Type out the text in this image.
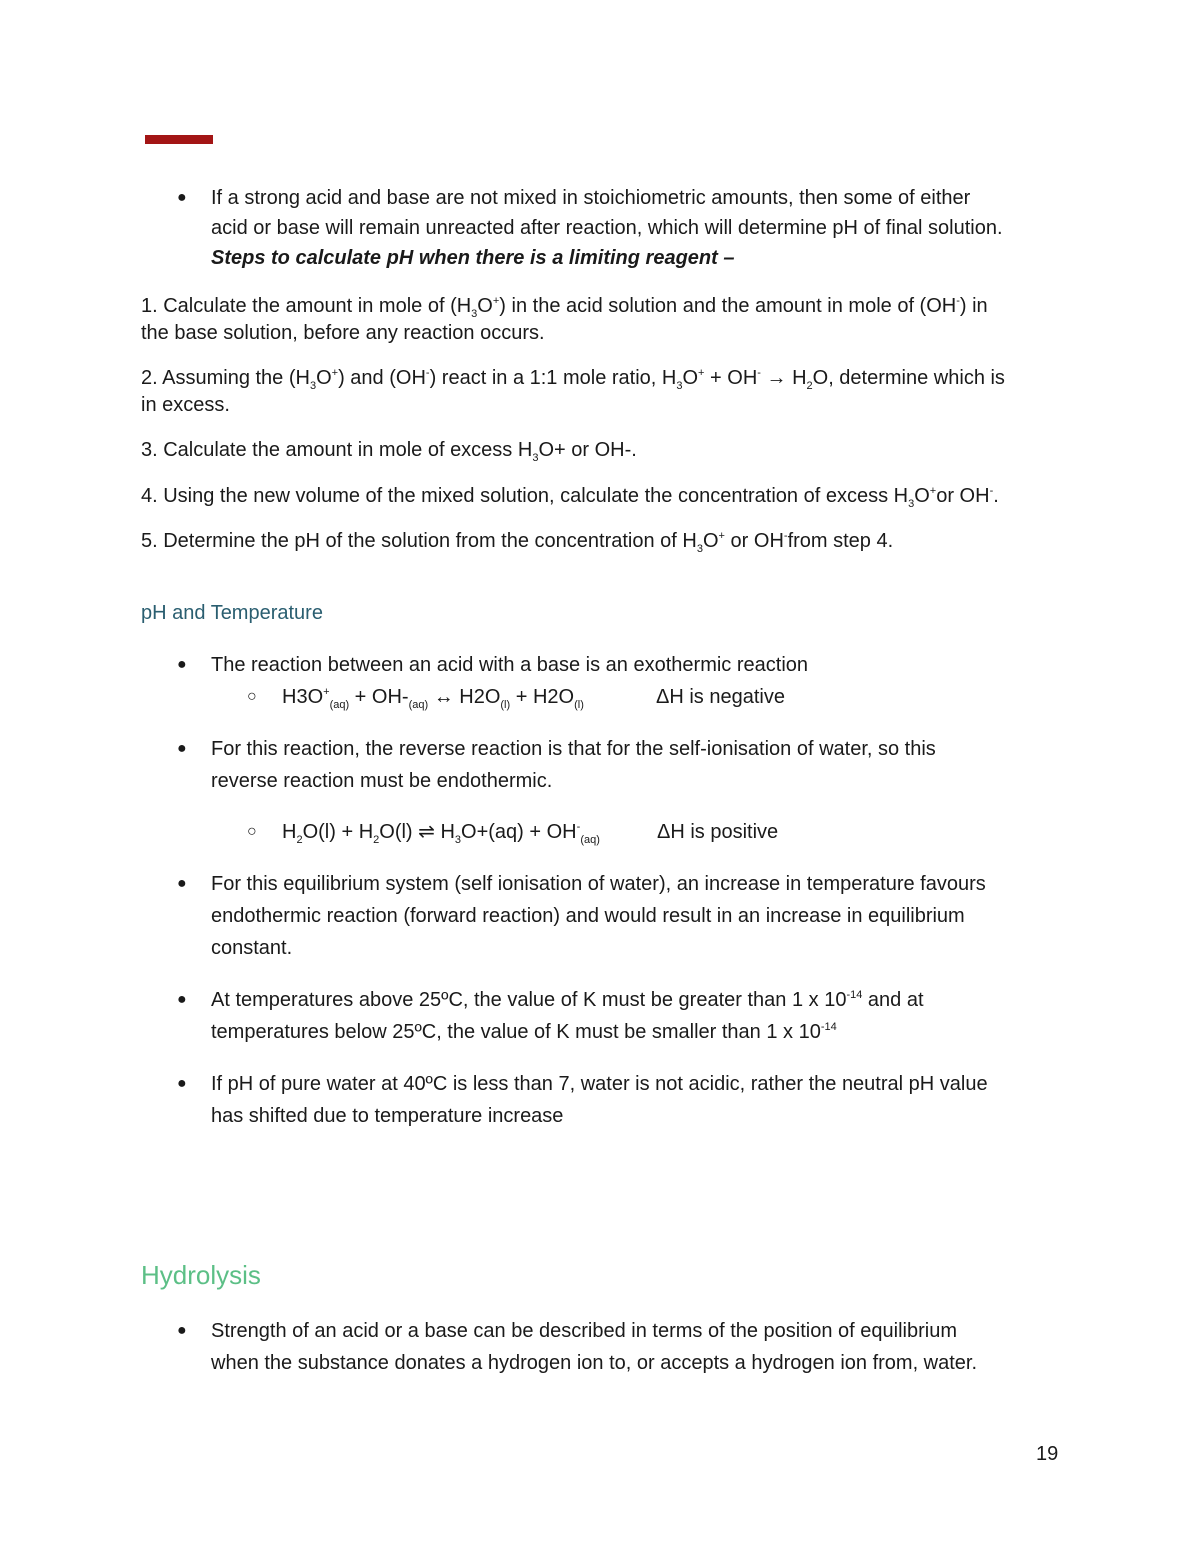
● If a strong acid and base are not mixed in stoichiometric amounts, then some of either
acid or base will remain unreacted after reaction, which will determine pH of final solution.
Steps to calculate pH when there is a limiting reagent –
1. Calculate the amount in mole of $(H_3O^+)$ in the acid solution and the amount in mole of (OH-) in
the base solution, before any reaction occurs.
2. Assuming the $(H_3O^+)$ and (OH-) react in a 1:1 mole ratio, $H_3O^+ + OH^- \to H_2O$, determine which is
in excess.
3. Calculate the amount in mole of excess $H_3O+$ or OH-.
4. Using the new volume of the mixed solution, calculate the concentration of excess $H_3O^+or$ OH-.
5. Determine the pH of the solution from the concentration of $H_3O^+$ or OH-from step 4.
pH and Temperature
● The reaction between an acid with a base is an exothermic reaction
○ $H3O^+_{(aq)} + OH-_{(aq)}$ ↔ $H2O_{(l)} + H2O_{(l)}$	ΔH is negative
● For this reaction, the reverse reaction is that for the self-ionisation of water, so this
reverse reaction must be endothermic.
○ $H_2O(l) + H_2O(l)$ ⇌ $H_3O+(aq) + OH^-_{(aq)}$	ΔH is positive
● For this equilibrium system (self ionisation of water), an increase in temperature favours
endothermic reaction (forward reaction) and would result in an increase in equilibrium
constant.
● At temperatures above 25ºC, the value of K must be greater than 1 x $10^{-14}$ and at
temperatures below 25ºC, the value of K must be smaller than 1 x $10^{-14}$
● If pH of pure water at 40ºC is less than 7, water is not acidic, rather the neutral pH value
has shifted due to temperature increase
Hydrolysis
● Strength of an acid or a base can be described in terms of the position of equilibrium
when the substance donates a hydrogen ion to, or accepts a hydrogen ion from, water.
19
